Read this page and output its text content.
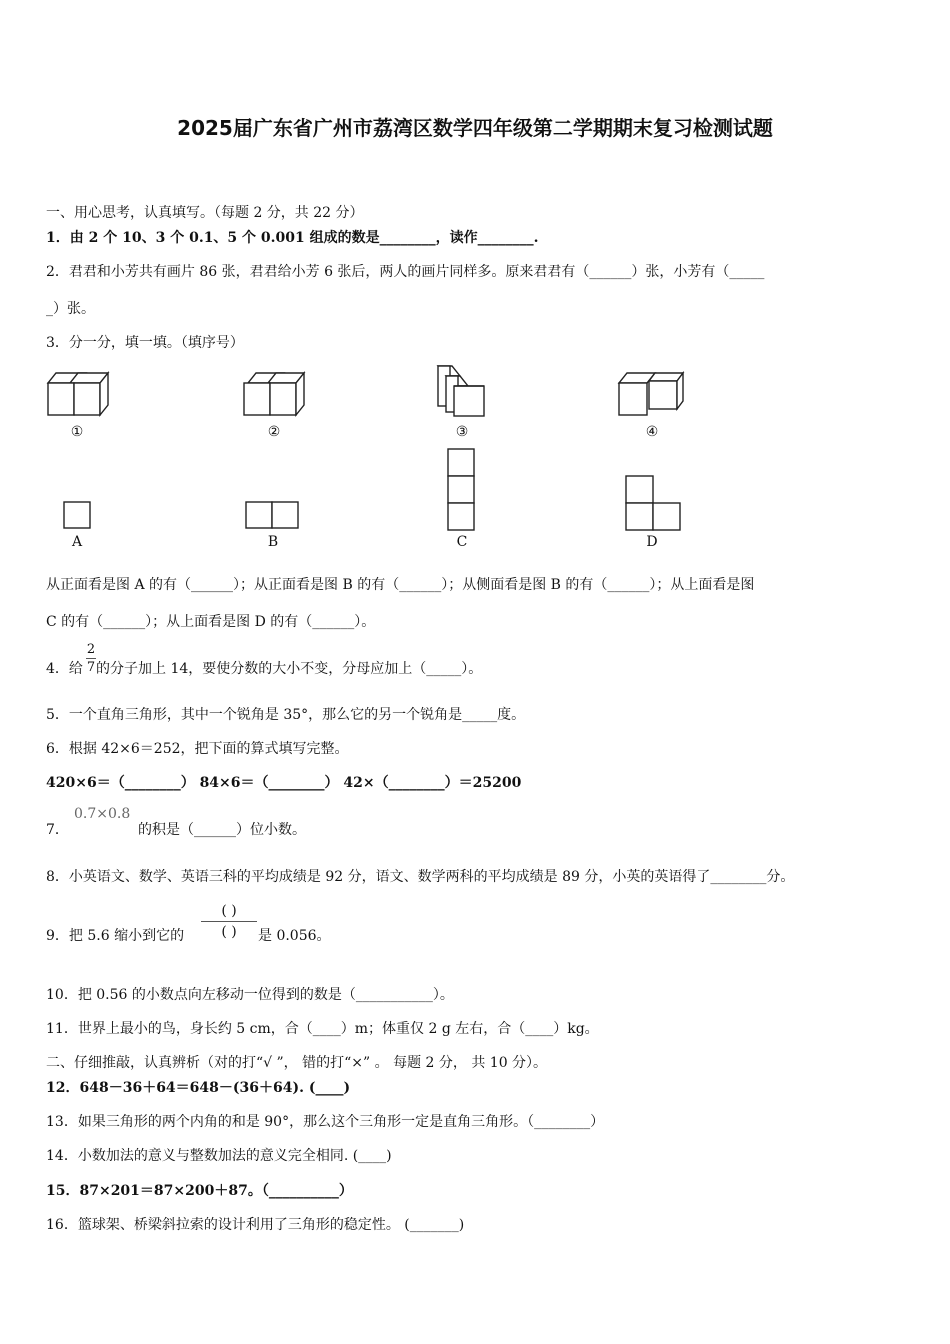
2025届广东省广州市荔湾区数学四年级第二学期期末复习检测试题
一、用心思考，认真填写。（每题 2 分，共 22 分）
1．由 2 个 10、3 个 0.1、5 个 0.001 组成的数是________，读作________.
2．君君和小芳共有画片 86 张，君君给小芳 6 张后，两人的画片同样多。原来君君有（______）张，小芳有（_____
_）张。
3．分一分，填一填。（填序号）
①	②	③	④
A	B	C	D
从正面看是图 A 的有（______）；从正面看是图 B 的有（______）；从侧面看是图 B 的有（______）；从上面看是图
C 的有（______）；从上面看是图 D 的有（______）。
4．给
2
7 的分子加上 14，要使分数的大小不变，分母应加上（_____）。
5．一个直角三角形，其中一个锐角是 35°，那么它的另一个锐角是_____度。
6．根据 42×6＝252，把下面的算式填写完整。
420×6＝（________） 84×6＝（________） 42×（________）＝25200
7．
0.7×0.8
的积是（______）位小数。
8．小英语文、数学、英语三科的平均成绩是 92 分，语文、数学两科的平均成绩是 89 分，小英的英语得了________分。
9．把 5.6 缩小到它的
( )
( )	是 0.056。
10．把 0.56 的小数点向左移动一位得到的数是（___________）。
11．世界上最小的鸟，身长约 5 cm，合（____）m；体重仅 2 g 左右，合（____）kg。
二、仔细推敲，认真辨析（对的打“√ ”， 错的打“×” 。 每题 2 分， 共 10 分）。
12．648－36＋64＝648－(36＋64). (____)
13．如果三角形的两个内角的和是 90°，那么这个三角形一定是直角三角形。（________）
14．小数加法的意义与整数加法的意义完全相同. (____)
15．87×201＝87×200＋87。（__________）
16．篮球架、桥梁斜拉索的设计利用了三角形的稳定性。 (_______)
